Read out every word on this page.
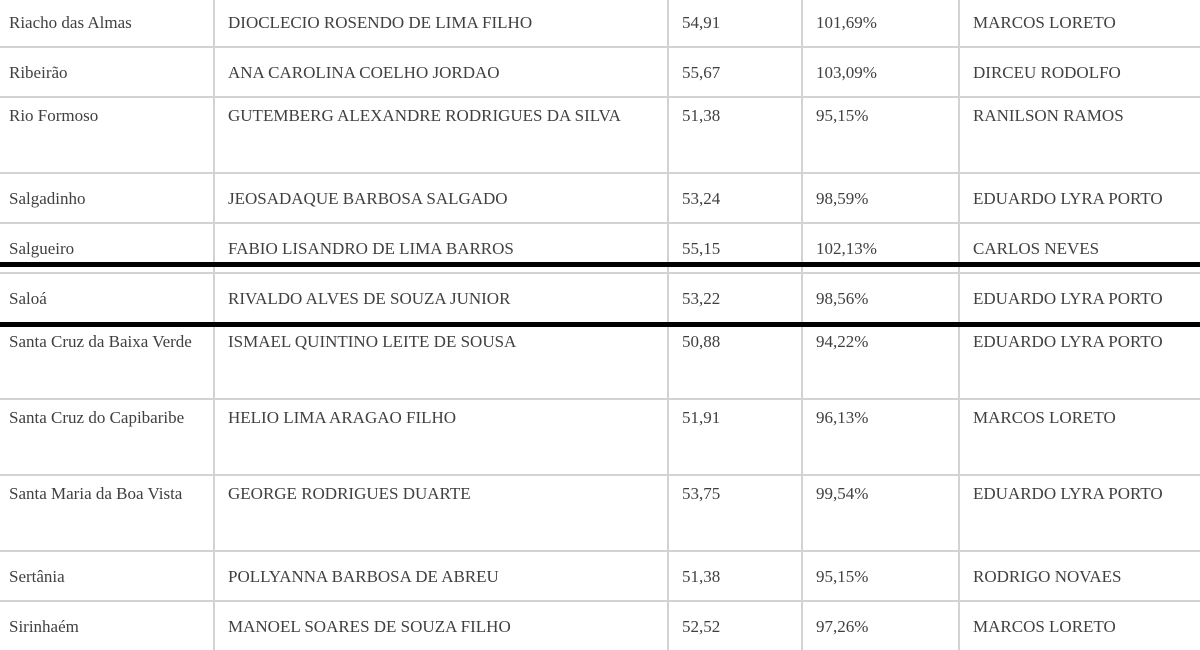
Riacho das Almas	DIOCLECIO ROSENDO DE LIMA FILHO	54,91	101,69%	MARCOS LORETO
Ribeirão	ANA CAROLINA COELHO JORDAO	55,67	103,09%	DIRCEU RODOLFO
Rio Formoso	GUTEMBERG ALEXANDRE RODRIGUES DA SILVA	51,38	95,15%	RANILSON RAMOS
Salgadinho	JEOSADAQUE BARBOSA SALGADO	53,24	98,59%	EDUARDO LYRA PORTO
Salgueiro	FABIO LISANDRO DE LIMA BARROS	55,15	102,13%	CARLOS NEVES
Saloá	RIVALDO ALVES DE SOUZA JUNIOR	53,22	98,56%	EDUARDO LYRA PORTO
Santa Cruz da Baixa Verde	ISMAEL QUINTINO LEITE DE SOUSA	50,88	94,22%	EDUARDO LYRA PORTO
Santa Cruz do Capibaribe	HELIO LIMA ARAGAO FILHO	51,91	96,13%	MARCOS LORETO
Santa Maria da Boa Vista	GEORGE RODRIGUES DUARTE	53,75	99,54%	EDUARDO LYRA PORTO
Sertânia	POLLYANNA BARBOSA DE ABREU	51,38	95,15%	RODRIGO NOVAES
Sirinhaém	MANOEL SOARES DE SOUZA FILHO	52,52	97,26%	MARCOS LORETO
